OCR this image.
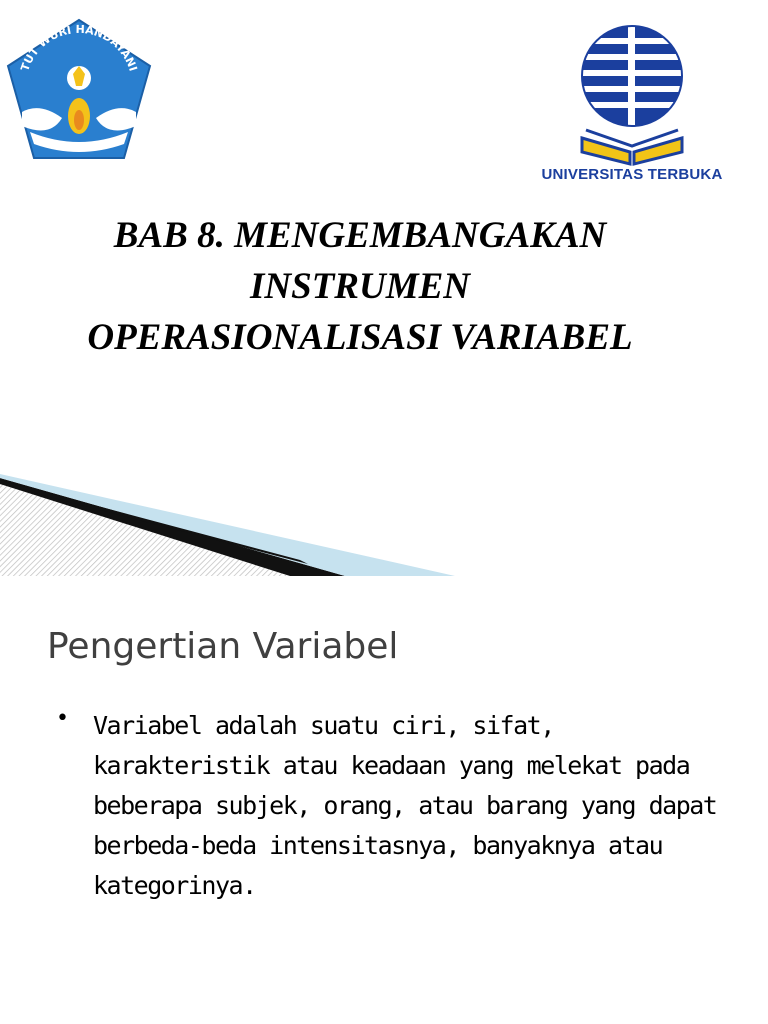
TUT WURI HANDAYANI
UNIVERSITAS TERBUKA
BAB 8. MENGEMBANGAKAN
INSTRUMEN
OPERASIONALISASI VARIABEL
Pengertian Variabel
• Variabel adalah suatu ciri, sifat, karakteristik atau keadaan yang melekat pada beberapa subjek, orang, atau barang yang dapat berbeda-beda intensitasnya, banyaknya atau kategorinya.
